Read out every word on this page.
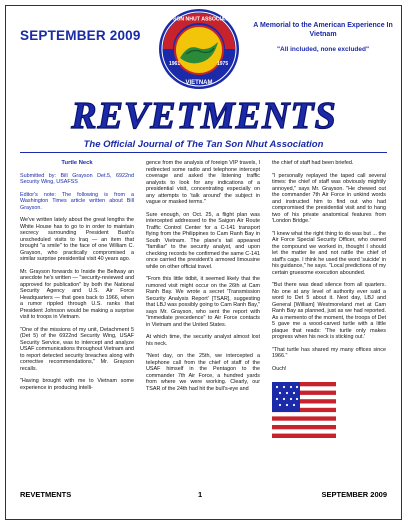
SEPTEMBER 2009
TAN SON NHUT ASSOCIATION
VIETNAM
1961	1975
A Memorial to the American Experience In Vietnam
"All included, none excluded"
REVETMENTS
The Official Journal of The Tan Son Nhut Association
Turtle Neck

Submitted by: Bill Grayson Det.5, 6922nd Security Wing, USAFSS

Editor's note: The following is from a Washington Times article written about Bill Grayson.

We've written lately about the great lengths the White House has to go to in order to maintain secrecy surrounding President Bush's unscheduled visits to Iraq — an item that brought "a smile" to the face of one William C. Grayson, who practically compromised a similar surprise presidential visit 40 years ago.

Mr. Grayson forwards to Inside the Beltway an anecdote he's written — "security-reviewed and approved for publication" by both the National Security Agency and U.S. Air Force Headquarters — that goes back to 1966, when a rumor rippled through U.S. ranks that President Johnson would be making a surprise visit to troops in Vietnam.

"One of the missions of my unit, Detachment 5 (Det 5) of the 6922nd Security Wing, USAF Security Service, was to intercept and analyze USAF communications throughout Vietnam and to report detected security breaches along with corrective recommendations," Mr. Grayson recalls.

"Having brought with me to Vietnam some experience in producing intelli-

gence from the analysis of foreign VIP travels, I redirected some radio and telephone intercept coverage and asked the listening traffic analysts to look for any indications of a presidential visit, concentrating especially on any attempts to 'talk around' the subject in vague or masked terms."

Sure enough, on Oct. 25, a flight plan was intercepted addressed to the Saigon Air Route Traffic Control Center for a C-141 transport flying from the Philippines to Cam Ranh Bay in South Vietnam. The plane's tail appeared "familiar" to the security analyst, and upon checking records he confirmed the same C-141 once carried the president's armored limousine while on other official travel.

"From this little tidbit, it seemed likely that the rumored visit might occur on the 26th at Cam Ranh Bay. We wrote a secret 'Transmission Security Analysis Report' [TSAR], suggesting that LBJ was possibly going to Cam Ranh Bay," says Mr. Grayson, who sent the report with "immediate precedence" to Air Force contacts in Vietnam and the United States.

At which time, the security analyst almost lost his neck.

"Next day, on the 25th, we intercepted a telephone call from the chief of staff of the USAF himself in the Pentagon to the commander 7th Air Force, a hundred yards from where we were working. Clearly, our TSAR of the 24th had hit the bull's-eye and

the chief of staff had been briefed.

"I personally replayed the taped call several times: the chief of staff was obviously mightily annoyed," says Mr. Grayson. "He chewed out the commander 7th Air Force in unkind words and instructed him to find out who had compromised the presidential visit and to hang two of his private anatomical features from 'London Bridge.'

"I knew what the right thing to do was but ... the Air Force Special Security Officer, who owned the compound we worked in, thought I should let the matter lie and not rattle the chief of staff's cage. I think he used the word 'suicide' in his guidance," he says. "Local predictions of my certain gruesome execution abounded.

"But there was dead silence from all quarters. No one at any level of authority ever said a word to Det 5 about it. Next day, LBJ and General [William] Westmoreland met at Cam Ranh Bay as planned, just as we had reported. As a memento of the moment, the troops of Det 5 gave me a wood-carved turtle with a little plaque that reads: 'The turtle only makes progress when his neck is sticking out.'

"That turtle has shared my many offices since 1966."

Ouch!

REVETMENTS	1	SEPTEMBER 2009
